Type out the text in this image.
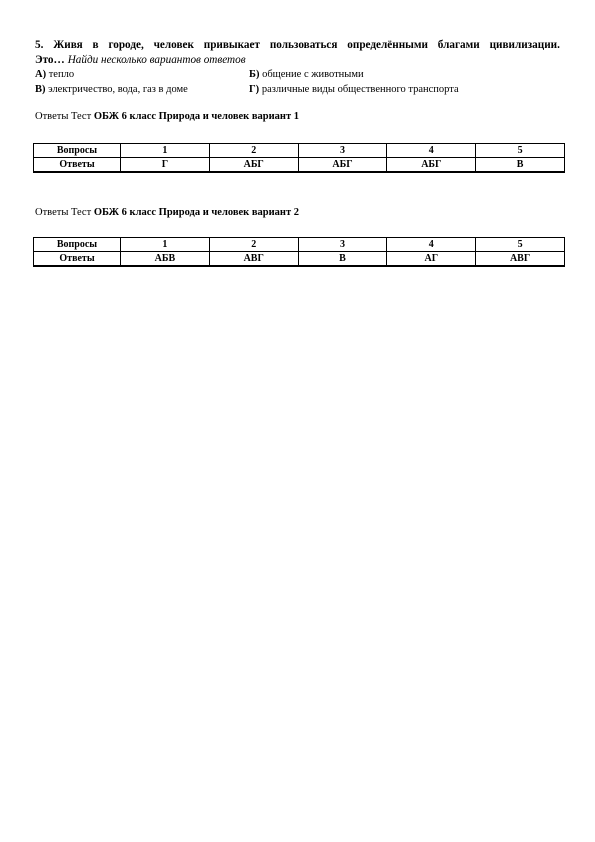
5. Живя в городе, человек привыкает пользоваться определёнными благами цивилизации.
Это… Найди несколько вариантов ответов
А) тепло	Б) общение с животными
В) электричество, вода, газ в доме	Г) различные виды общественного транспорта
Ответы Тест ОБЖ 6 класс Природа и человек вариант 1
Вопросы	1	2	3	4	5
Ответы	Г	АБГ	АБГ	АБГ	В
Ответы Тест ОБЖ 6 класс Природа и человек вариант 2
Вопросы	1	2	3	4	5
Ответы	АБВ	АВГ	В	АГ	АВГ
